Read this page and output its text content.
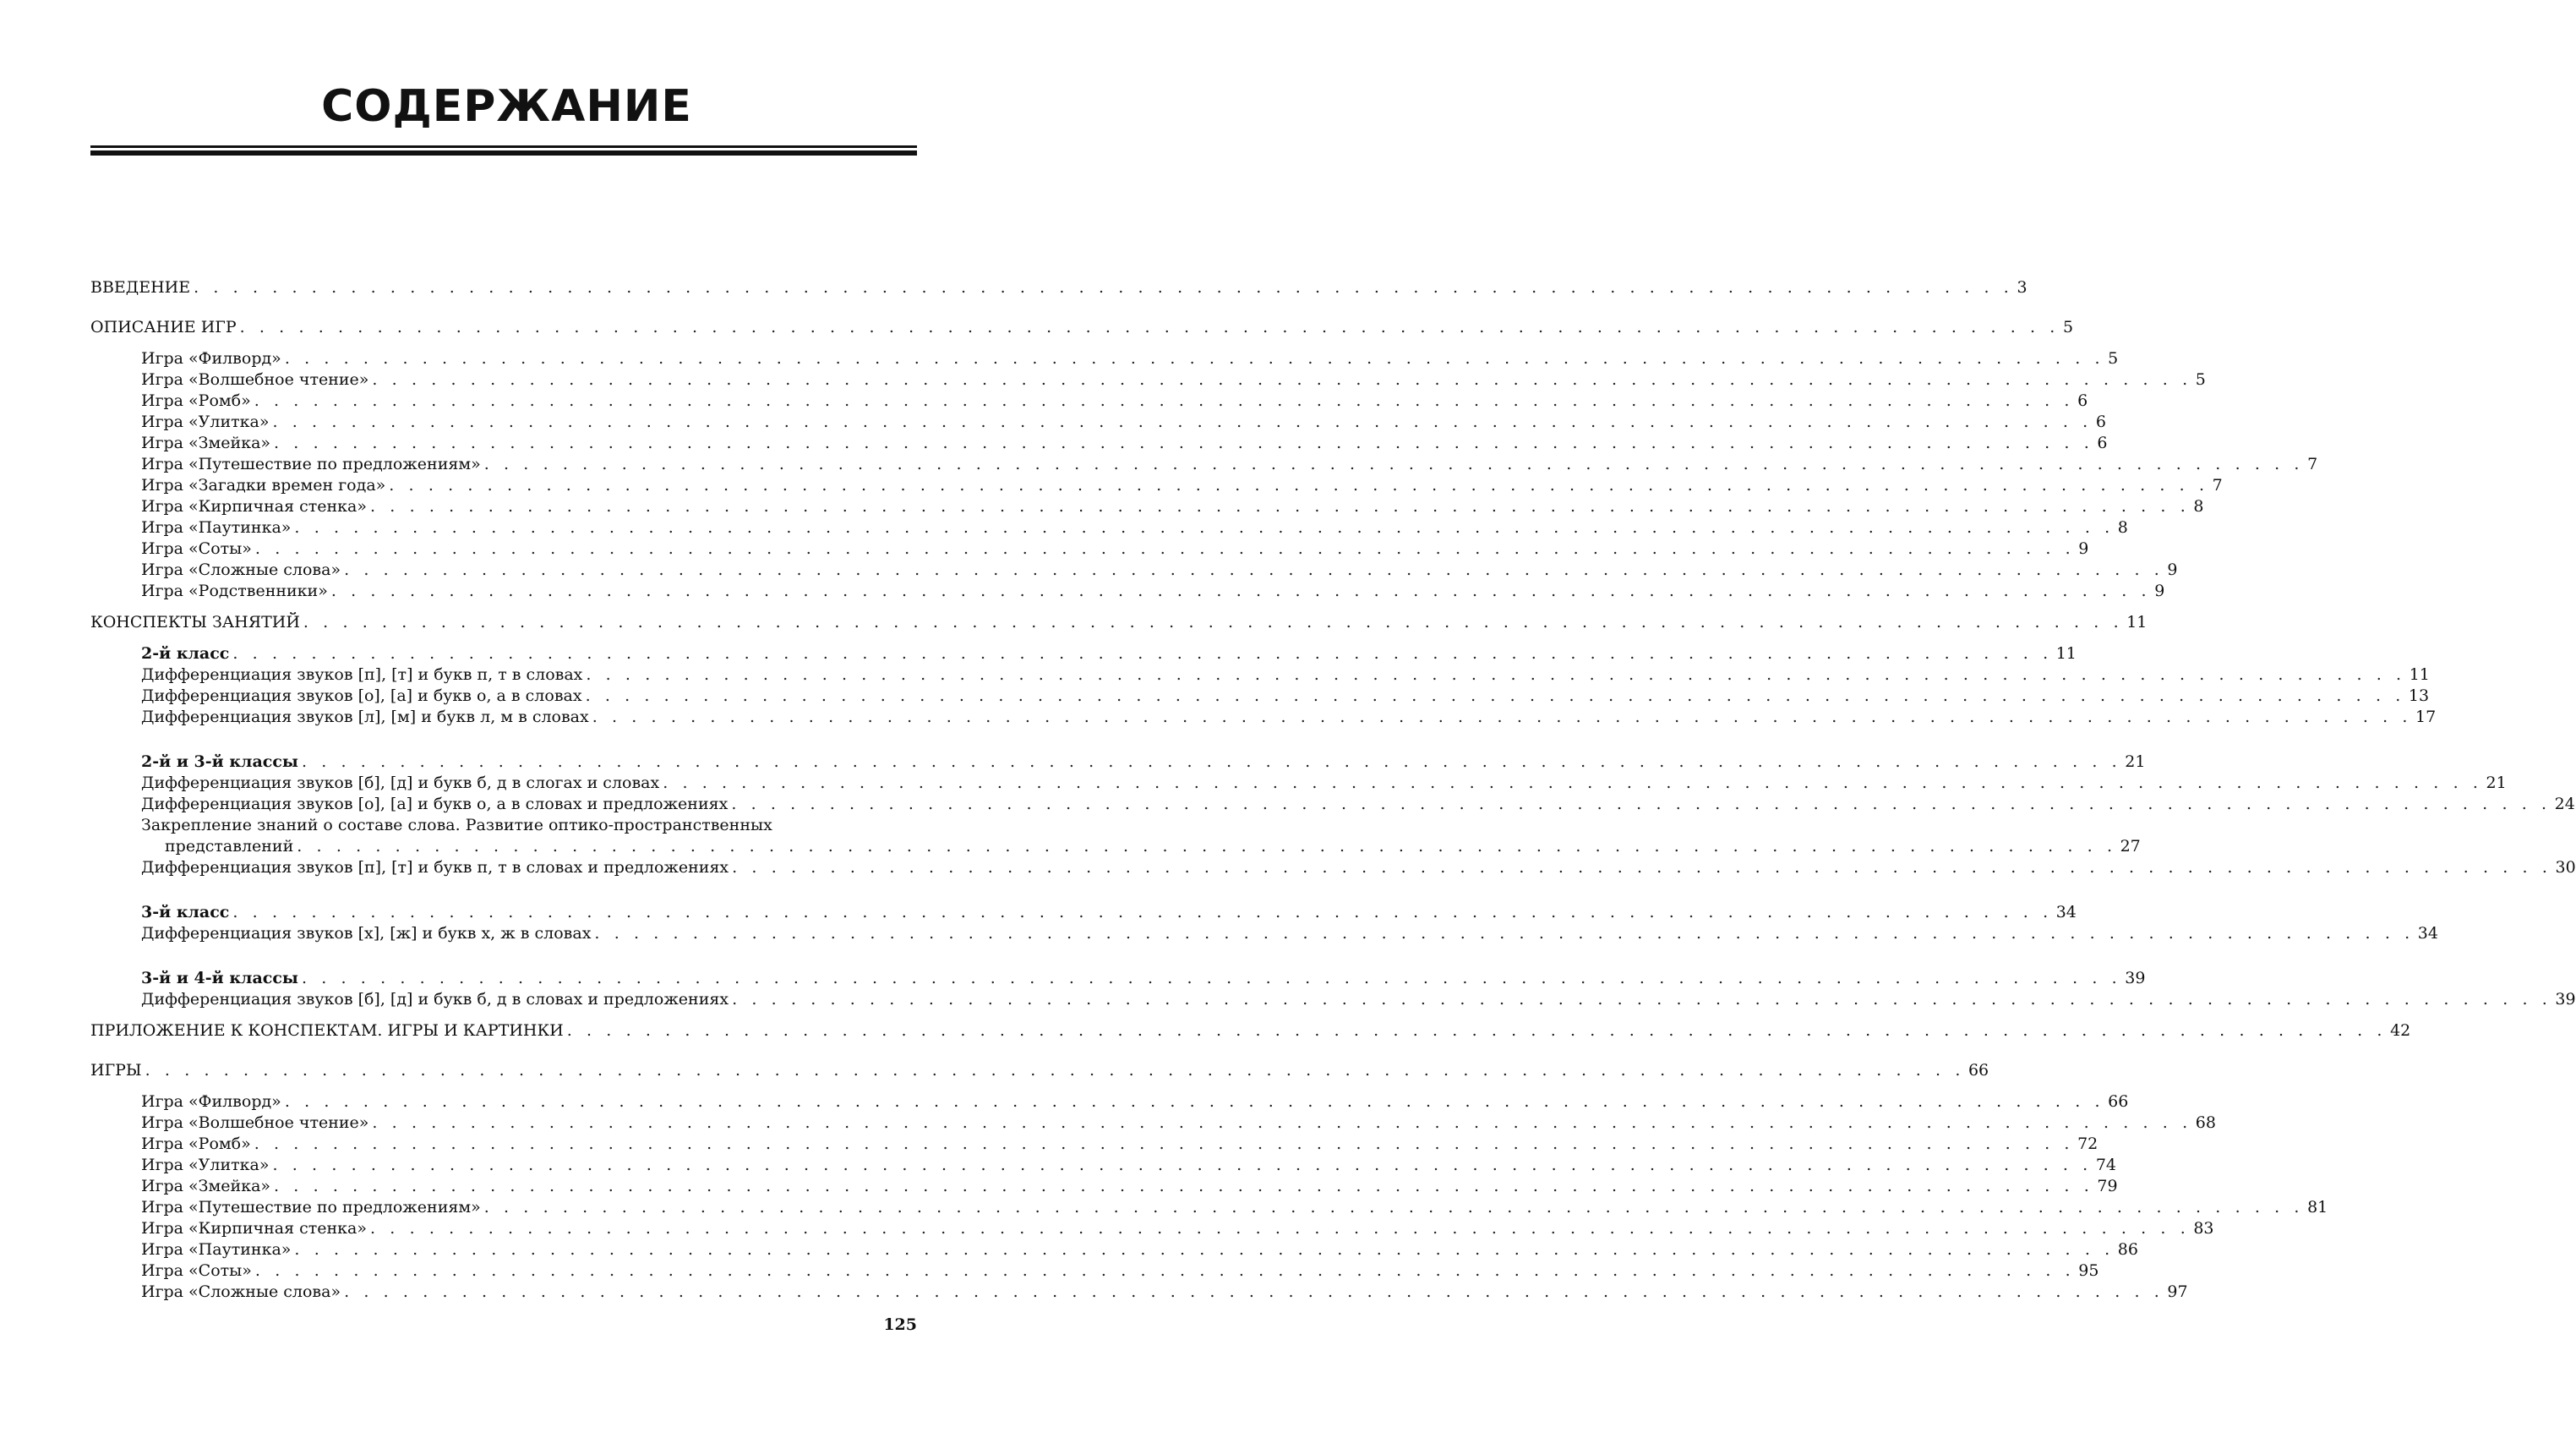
СОДЕРЖАНИЕ
ВВЕДЕНИЕ . . . . . . . . . . . . . . . . . . . . . . . . . . . . . . . . . . . . . . . . . . . . . . . . . . . . . . . . . . . . . . . . . . . . . . . . . . . . . . . . . . . . . . . . . . . . . 3
ОПИСАНИЕ ИГР . . . . . . . . . . . . . . . . . . . . . . . . . . . . . . . . . . . . . . . . . . . . . . . . . . . . . . . . . . . . . . . . . . . . . . . . . . . . . . . . . . . . . . . . . . . . . 5
Игра «Филворд» . . . . . . . . . . . . . . . . . . . . . . . . . . . . . . . . . . . . . . . . . . . . . . . . . . . . . . . . . . . . . . . . . . . . . . . . . . . . . . . . . . . . . . . . . . . . . 5
Игра «Волшебное чтение» . . . . . . . . . . . . . . . . . . . . . . . . . . . . . . . . . . . . . . . . . . . . . . . . . . . . . . . . . . . . . . . . . . . . . . . . . . . . . . . . . . . . . . . . . . . . . 5
Игра «Ромб» . . . . . . . . . . . . . . . . . . . . . . . . . . . . . . . . . . . . . . . . . . . . . . . . . . . . . . . . . . . . . . . . . . . . . . . . . . . . . . . . . . . . . . . . . . . . . 6
Игра «Улитка» . . . . . . . . . . . . . . . . . . . . . . . . . . . . . . . . . . . . . . . . . . . . . . . . . . . . . . . . . . . . . . . . . . . . . . . . . . . . . . . . . . . . . . . . . . . . . 6
Игра «Змейка» . . . . . . . . . . . . . . . . . . . . . . . . . . . . . . . . . . . . . . . . . . . . . . . . . . . . . . . . . . . . . . . . . . . . . . . . . . . . . . . . . . . . . . . . . . . . . 6
Игра «Путешествие по предложениям» . . . . . . . . . . . . . . . . . . . . . . . . . . . . . . . . . . . . . . . . . . . . . . . . . . . . . . . . . . . . . . . . . . . . . . . . . . . . . . . . . . . . . . . . . . . . . 7
Игра «Загадки времен года» . . . . . . . . . . . . . . . . . . . . . . . . . . . . . . . . . . . . . . . . . . . . . . . . . . . . . . . . . . . . . . . . . . . . . . . . . . . . . . . . . . . . . . . . . . . . . 7
Игра «Кирпичная стенка» . . . . . . . . . . . . . . . . . . . . . . . . . . . . . . . . . . . . . . . . . . . . . . . . . . . . . . . . . . . . . . . . . . . . . . . . . . . . . . . . . . . . . . . . . . . . . 8
Игра «Паутинка» . . . . . . . . . . . . . . . . . . . . . . . . . . . . . . . . . . . . . . . . . . . . . . . . . . . . . . . . . . . . . . . . . . . . . . . . . . . . . . . . . . . . . . . . . . . . . 8
Игра «Соты» . . . . . . . . . . . . . . . . . . . . . . . . . . . . . . . . . . . . . . . . . . . . . . . . . . . . . . . . . . . . . . . . . . . . . . . . . . . . . . . . . . . . . . . . . . . . . 9
Игра «Сложные слова» . . . . . . . . . . . . . . . . . . . . . . . . . . . . . . . . . . . . . . . . . . . . . . . . . . . . . . . . . . . . . . . . . . . . . . . . . . . . . . . . . . . . . . . . . . . . . 9
Игра «Родственники» . . . . . . . . . . . . . . . . . . . . . . . . . . . . . . . . . . . . . . . . . . . . . . . . . . . . . . . . . . . . . . . . . . . . . . . . . . . . . . . . . . . . . . . . . . . . . 9
КОНСПЕКТЫ ЗАНЯТИЙ . . . . . . . . . . . . . . . . . . . . . . . . . . . . . . . . . . . . . . . . . . . . . . . . . . . . . . . . . . . . . . . . . . . . . . . . . . . . . . . . . . . . . . . . . . . . . 11
2-й класс . . . . . . . . . . . . . . . . . . . . . . . . . . . . . . . . . . . . . . . . . . . . . . . . . . . . . . . . . . . . . . . . . . . . . . . . . . . . . . . . . . . . . . . . . . . . . 11
Дифференциация звуков [п], [т] и букв п, т в словах . . . . . . . . . . . . . . . . . . . . . . . . . . . . . . . . . . . . . . . . . . . . . . . . . . . . . . . . . . . . . . . . . . . . . . . . . . . . . . . . . . . . . . . . . . . . . 11
Дифференциация звуков [о], [а] и букв о, а в словах . . . . . . . . . . . . . . . . . . . . . . . . . . . . . . . . . . . . . . . . . . . . . . . . . . . . . . . . . . . . . . . . . . . . . . . . . . . . . . . . . . . . . . . . . . . . . 13
Дифференциация звуков [л], [м] и букв л, м в словах . . . . . . . . . . . . . . . . . . . . . . . . . . . . . . . . . . . . . . . . . . . . . . . . . . . . . . . . . . . . . . . . . . . . . . . . . . . . . . . . . . . . . . . . . . . . . 17
2-й и 3-й классы . . . . . . . . . . . . . . . . . . . . . . . . . . . . . . . . . . . . . . . . . . . . . . . . . . . . . . . . . . . . . . . . . . . . . . . . . . . . . . . . . . . . . . . . . . . . . 21
Дифференциация звуков [б], [д] и букв б, д в слогах и словах . . . . . . . . . . . . . . . . . . . . . . . . . . . . . . . . . . . . . . . . . . . . . . . . . . . . . . . . . . . . . . . . . . . . . . . . . . . . . . . . . . . . . . . . . . . . . 21
Дифференциация звуков [о], [а] и букв о, а в словах и предложениях . . . . . . . . . . . . . . . . . . . . . . . . . . . . . . . . . . . . . . . . . . . . . . . . . . . . . . . . . . . . . . . . . . . . . . . . . . . . . . . . . . . . . . . . . . . . . 24
Закрепление знаний о составе слова. Развитие оптико-пространственных
представлений . . . . . . . . . . . . . . . . . . . . . . . . . . . . . . . . . . . . . . . . . . . . . . . . . . . . . . . . . . . . . . . . . . . . . . . . . . . . . . . . . . . . . . . . . . . . . 27
Дифференциация звуков [п], [т] и букв п, т в словах и предложениях . . . . . . . . . . . . . . . . . . . . . . . . . . . . . . . . . . . . . . . . . . . . . . . . . . . . . . . . . . . . . . . . . . . . . . . . . . . . . . . . . . . . . . . . . . . . . 30
3-й класс . . . . . . . . . . . . . . . . . . . . . . . . . . . . . . . . . . . . . . . . . . . . . . . . . . . . . . . . . . . . . . . . . . . . . . . . . . . . . . . . . . . . . . . . . . . . . 34
Дифференциация звуков [х], [ж] и букв х, ж в словах . . . . . . . . . . . . . . . . . . . . . . . . . . . . . . . . . . . . . . . . . . . . . . . . . . . . . . . . . . . . . . . . . . . . . . . . . . . . . . . . . . . . . . . . . . . . . 34
3-й и 4-й классы . . . . . . . . . . . . . . . . . . . . . . . . . . . . . . . . . . . . . . . . . . . . . . . . . . . . . . . . . . . . . . . . . . . . . . . . . . . . . . . . . . . . . . . . . . . . . 39
Дифференциация звуков [б], [д] и букв б, д в словах и предложениях . . . . . . . . . . . . . . . . . . . . . . . . . . . . . . . . . . . . . . . . . . . . . . . . . . . . . . . . . . . . . . . . . . . . . . . . . . . . . . . . . . . . . . . . . . . . . 39
ПРИЛОЖЕНИЕ К КОНСПЕКТАМ. ИГРЫ И КАРТИНКИ . . . . . . . . . . . . . . . . . . . . . . . . . . . . . . . . . . . . . . . . . . . . . . . . . . . . . . . . . . . . . . . . . . . . . . . . . . . . . . . . . . . . . . . . . . . . . 42
ИГРЫ . . . . . . . . . . . . . . . . . . . . . . . . . . . . . . . . . . . . . . . . . . . . . . . . . . . . . . . . . . . . . . . . . . . . . . . . . . . . . . . . . . . . . . . . . . . . . 66
Игра «Филворд» . . . . . . . . . . . . . . . . . . . . . . . . . . . . . . . . . . . . . . . . . . . . . . . . . . . . . . . . . . . . . . . . . . . . . . . . . . . . . . . . . . . . . . . . . . . . . 66
Игра «Волшебное чтение» . . . . . . . . . . . . . . . . . . . . . . . . . . . . . . . . . . . . . . . . . . . . . . . . . . . . . . . . . . . . . . . . . . . . . . . . . . . . . . . . . . . . . . . . . . . . . 68
Игра «Ромб» . . . . . . . . . . . . . . . . . . . . . . . . . . . . . . . . . . . . . . . . . . . . . . . . . . . . . . . . . . . . . . . . . . . . . . . . . . . . . . . . . . . . . . . . . . . . . 72
Игра «Улитка» . . . . . . . . . . . . . . . . . . . . . . . . . . . . . . . . . . . . . . . . . . . . . . . . . . . . . . . . . . . . . . . . . . . . . . . . . . . . . . . . . . . . . . . . . . . . . 74
Игра «Змейка» . . . . . . . . . . . . . . . . . . . . . . . . . . . . . . . . . . . . . . . . . . . . . . . . . . . . . . . . . . . . . . . . . . . . . . . . . . . . . . . . . . . . . . . . . . . . . 79
Игра «Путешествие по предложениям» . . . . . . . . . . . . . . . . . . . . . . . . . . . . . . . . . . . . . . . . . . . . . . . . . . . . . . . . . . . . . . . . . . . . . . . . . . . . . . . . . . . . . . . . . . . . . 81
Игра «Кирпичная стенка» . . . . . . . . . . . . . . . . . . . . . . . . . . . . . . . . . . . . . . . . . . . . . . . . . . . . . . . . . . . . . . . . . . . . . . . . . . . . . . . . . . . . . . . . . . . . . 83
Игра «Паутинка» . . . . . . . . . . . . . . . . . . . . . . . . . . . . . . . . . . . . . . . . . . . . . . . . . . . . . . . . . . . . . . . . . . . . . . . . . . . . . . . . . . . . . . . . . . . . . 86
Игра «Соты» . . . . . . . . . . . . . . . . . . . . . . . . . . . . . . . . . . . . . . . . . . . . . . . . . . . . . . . . . . . . . . . . . . . . . . . . . . . . . . . . . . . . . . . . . . . . . 95
Игра «Сложные слова» . . . . . . . . . . . . . . . . . . . . . . . . . . . . . . . . . . . . . . . . . . . . . . . . . . . . . . . . . . . . . . . . . . . . . . . . . . . . . . . . . . . . . . . . . . . . . 97
125
